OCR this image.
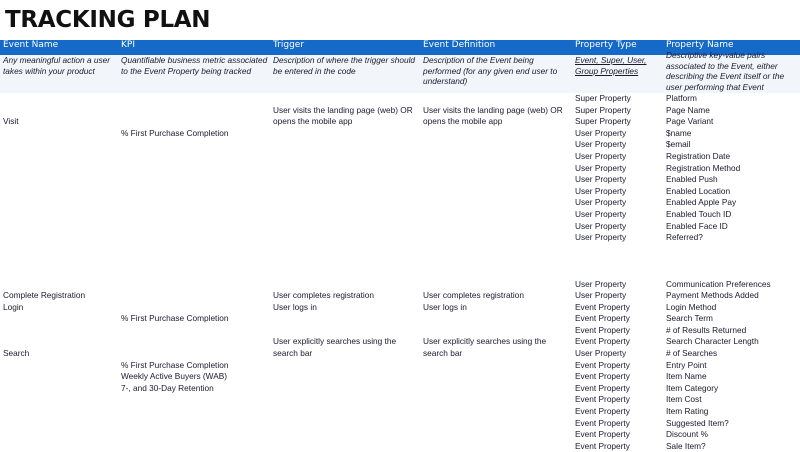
TRACKING PLAN
Event Name	KPI	Trigger	Event Definition	Property Type	Property Name
Any meaningful action a user takes within your product	Quantifiable business metric associated to the Event Property being tracked	Description of where the trigger should be entered in the code	Description of the Event being performed (for any given end user to understand)	Event, Super, User, Group Properties	Descriptive key-value pairs associated to the Event, either describing the Event itself or the user performing that Event

				Super Property	Platform
		User visits the landing page (web) OR	User visits the landing page (web) OR	Super Property	Page Name
Visit		opens the mobile app	opens the mobile app	Super Property	Page Variant
	% First Purchase Completion			User Property	$name
				User Property	$email
				User Property	Registration Date
				User Property	Registration Method
				User Property	Enabled Push
				User Property	Enabled Location
				User Property	Enabled Apple Pay
				User Property	Enabled Touch ID
				User Property	Enabled Face ID
				User Property	Referred?

				User Property	Communication Preferences
Complete Registration		User completes registration	User completes registration	User Property	Payment Methods Added
Login		User logs in	User logs in	Event Property	Login Method
	% First Purchase Completion			Event Property	Search Term
				Event Property	# of Results Returned
		User explicitly searches using the	User explicitly searches using the	Event Property	Search Character Length
Search		search bar	search bar	User Property	# of Searches
	% First Purchase Completion			Event Property	Entry Point
	Weekly Active Buyers (WAB)			Event Property	Item Name
	7-, and 30-Day Retention			Event Property	Item Category
				Event Property	Item Cost
				Event Property	Item Rating
				Event Property	Suggested Item?
				Event Property	Discount %
				Event Property	Sale Item?
